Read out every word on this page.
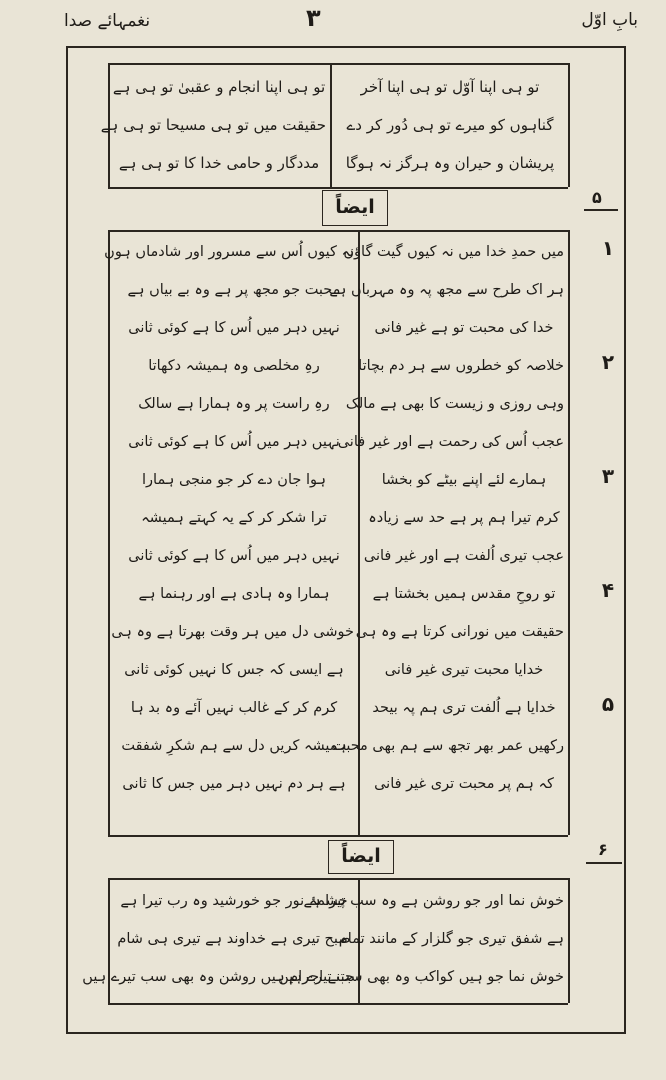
بابِ اوّل
۳
نغمہائے صدا
تو ہی اپنا آوّل تو ہی اپنا آخر
گناہوں کو میرے تو ہی دُور کر دے
پریشان و حیران وہ ہرگز نہ ہوگا
تو ہی اپنا انجام و عقبیٰ تو ہی ہے
حقیقت میں تو ہی مسیحا تو ہی ہے
مددگار و حامی خدا کا تو ہی ہے
ایضاً	۵
۱
۲
۳
۴
۵
میں حمدِ خدا میں نہ کیوں گیت گاؤں
ہر اک طرح سے مجھ پہ وہ مہرباں ہے
خدا کی محبت تو ہے غیر فانی
خلاصہ کو خطروں سے ہر دم بچاتا
وہی روزی و زیست کا بھی ہے مالک
عجب اُس کی رحمت ہے اور غیر فانی
ہمارے لئے اپنے بیٹے کو بخشا
کرم تیرا ہم پر ہے حد سے زیادہ
عجب تیری اُلفت ہے اور غیر فانی
تو روحِ مقدس ہمیں بخشتا ہے
حقیقت میں نورانی کرتا ہے وہ ہی
خدایا محبت تیری غیر فانی
خدایا ہے اُلفت تری ہم پہ بیحد
رکھیں عمر بھر تجھ سے ہم بھی محبت
کہ ہم پر محبت تری غیر فانی
نہ کیوں اُس سے مسرور اور شادماں ہوں
محبت جو مجھ پر ہے وہ بے بیاں ہے
نہیں دہر میں اُس کا ہے کوئی ثانی
رہِ مخلصی وہ ہمیشہ دکھاتا
رہِ راست پر وہ ہمارا ہے سالک
نہیں دہر میں اُس کا ہے کوئی ثانی
ہوا جان دے کر جو منجی ہمارا
ترا شکر کر کے یہ کہتے ہمیشہ
نہیں دہر میں اُس کا ہے کوئی ثانی
ہمارا وہ ہادی ہے اور رہنما ہے
خوشی دل میں ہر وقت بھرتا ہے وہ ہی
ہے ایسی کہ جس کا نہیں کوئی ثانی
کرم کر کے غالب نہیں آئے وہ بد ہا
ہمیشہ کریں دل سے ہم شکرِ شفقت
ہے ہر دم نہیں دہر میں جس کا ثانی
ایضاً	۶
خوش نما اور جو روشن ہے وہ سب تیرا ہے
ہے شفق تیری جو گلزار کے مانند تمام
خوش نما جو ہیں کواکب وہ بھی سب تیرے ہیں
چشمۂ نور جو خورشید وہ رب تیرا ہے
صبح تیری ہے خداوند ہے تیری ہی شام
جتنے اجرام ہیں روشن وہ بھی سب تیرے ہیں
